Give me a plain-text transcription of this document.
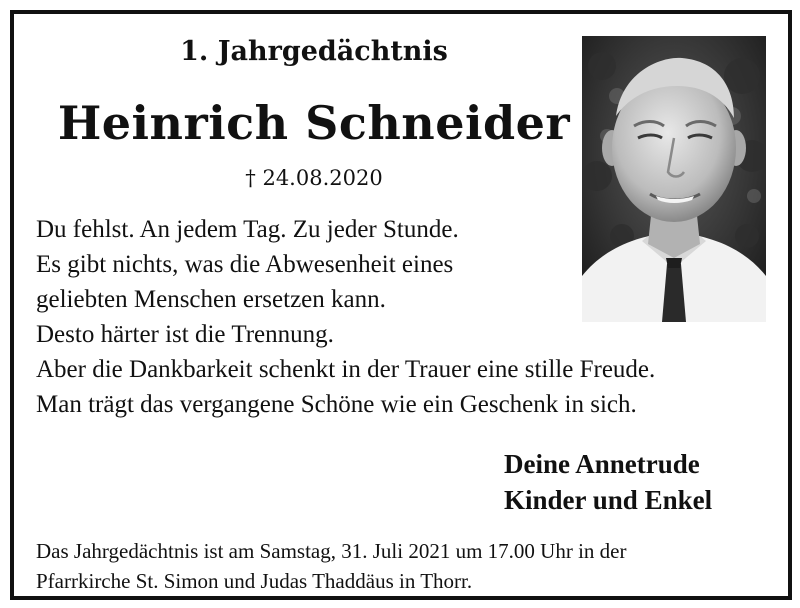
1. Jahrgedächtnis
Heinrich Schneider
† 24.08.2020
Du fehlst. An jedem Tag. Zu jeder Stunde.
Es gibt nichts, was die Abwesenheit eines
geliebten Menschen ersetzen kann.
Desto härter ist die Trennung.
Aber die Dankbarkeit schenkt in der Trauer eine stille Freude.
Man trägt das vergangene Schöne wie ein Geschenk in sich.
Deine Annetrude
Kinder und Enkel
Das Jahrgedächtnis ist am Samstag, 31. Juli 2021 um 17.00 Uhr in der
Pfarrkirche St. Simon und Judas Thaddäus in Thorr.
